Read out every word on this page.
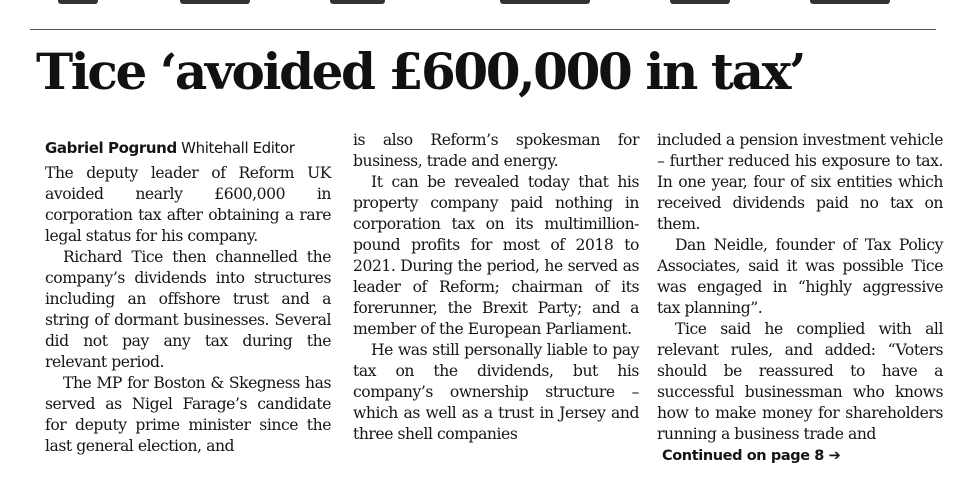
Tice ‘avoided £600,000 in tax’

Gabriel Pogrund Whitehall Editor

The deputy leader of Reform UK avoided nearly £600,000 in corporation tax after obtaining a rare legal status for his company.

Richard Tice then channelled the company’s dividends into structures including an offshore trust and a string of dormant businesses. Several did not pay any tax during the relevant period.

The MP for Boston & Skegness has served as Nigel Farage’s candidate for deputy prime minister since the last general election, and

is also Reform’s spokesman for business, trade and energy.

It can be revealed today that his property company paid nothing in corporation tax on its multimillion-pound profits for most of 2018 to 2021. During the period, he served as leader of Reform; chairman of its forerunner, the Brexit Party; and a member of the European Parliament.

He was still personally liable to pay tax on the dividends, but his company’s ownership structure – which as well as a trust in Jersey and three shell companies

included a pension investment vehicle – further reduced his exposure to tax. In one year, four of six entities which received dividends paid no tax on them.

Dan Neidle, founder of Tax Policy Associates, said it was possible Tice was engaged in “highly aggressive tax planning”.

Tice said he complied with all relevant rules, and added: “Voters should be reassured to have a successful businessman who knows how to make money for shareholders running a business trade and

Continued on page 8 ➔
